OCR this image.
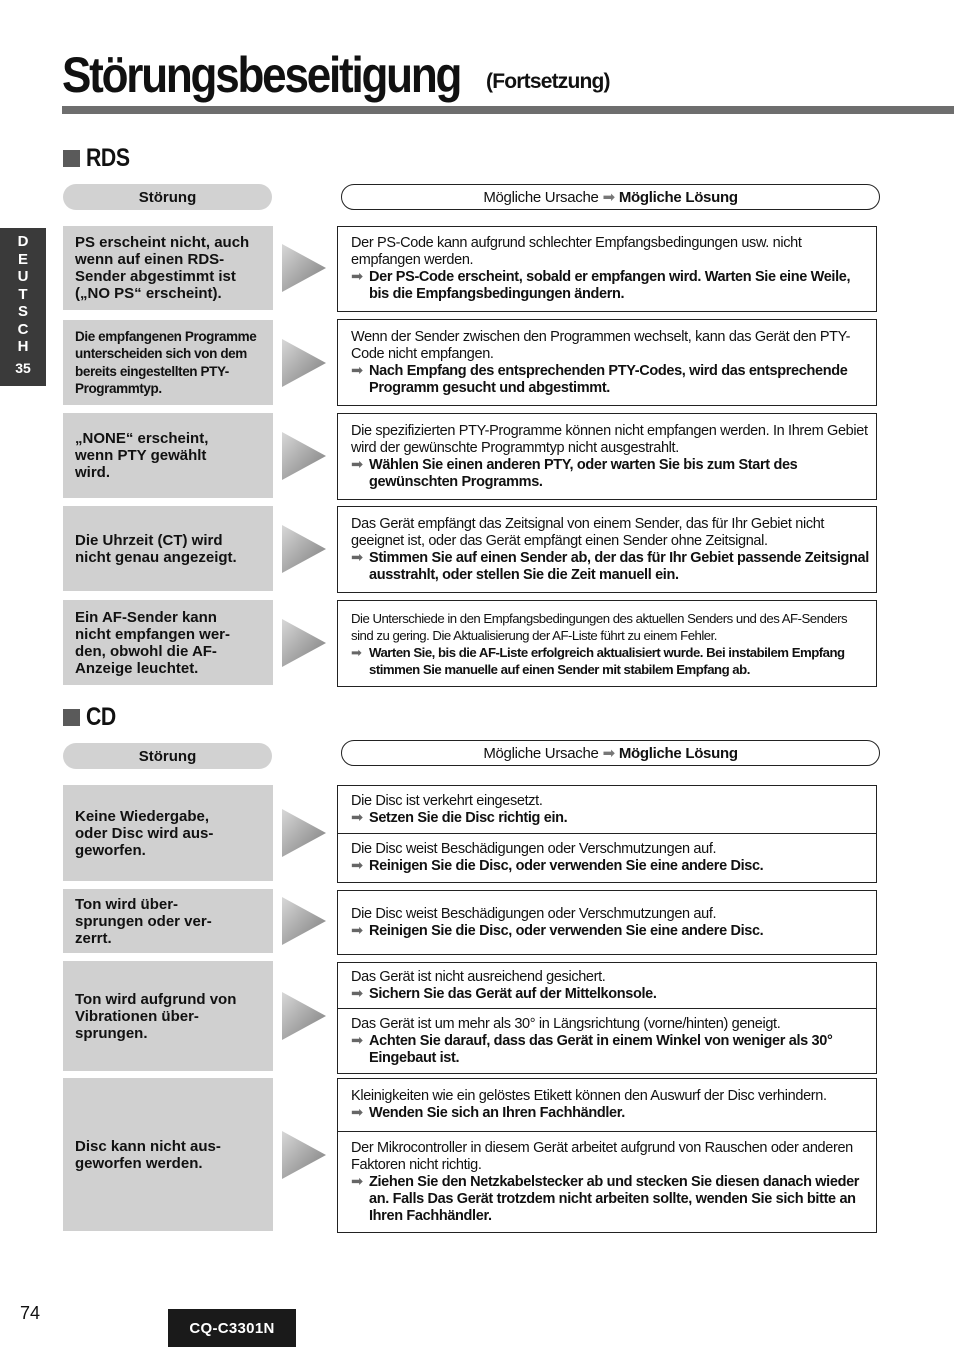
Störungsbeseitigung (Fortsetzung)
D
E
U
T
S
C
H
35
RDS
Störung	Mögliche Ursache ➡ Mögliche Lösung
PS erscheint nicht, auch
wenn auf einen RDS-
Sender abgestimmt ist
(„NO PS“ erscheint).
Der PS-Code kann aufgrund schlechter Empfangsbedingungen usw. nicht empfangen werden.
➡ Der PS-Code erscheint, sobald er empfangen wird. Warten Sie eine Weile, bis die Empfangsbedingungen ändern.
Die empfangenen Programme
unterscheiden sich von dem
bereits eingestellten PTY-
Programmtyp.
Wenn der Sender zwischen den Programmen wechselt, kann das Gerät den PTY-Code nicht empfangen.
➡ Nach Empfang des entsprechenden PTY-Codes, wird das entsprechende Programm gesucht und abgestimmt.
„NONE“ erscheint,
wenn PTY gewählt
wird.
Die spezifizierten PTY-Programme können nicht empfangen werden. In Ihrem Gebiet wird der gewünschte Programmtyp nicht ausgestrahlt.
➡ Wählen Sie einen anderen PTY, oder warten Sie bis zum Start des gewünschten Programms.
Die Uhrzeit (CT) wird
nicht genau angezeigt.
Das Gerät empfängt das Zeitsignal von einem Sender, das für Ihr Gebiet nicht geeignet ist, oder das Gerät empfängt einen Sender ohne Zeitsignal.
➡ Stimmen Sie auf einen Sender ab, der das für Ihr Gebiet passende Zeitsignal ausstrahlt, oder stellen Sie die Zeit manuell ein.
Ein AF-Sender kann
nicht empfangen wer-
den, obwohl die AF-
Anzeige leuchtet.
Die Unterschiede in den Empfangsbedingungen des aktuellen Senders und des AF-Senders sind zu gering. Die Aktualisierung der AF-Liste führt zu einem Fehler.
➡ Warten Sie, bis die AF-Liste erfolgreich aktualisiert wurde. Bei instabilem Empfang stimmen Sie manuelle auf einen Sender mit stabilem Empfang ab.
CD
Störung	Mögliche Ursache ➡ Mögliche Lösung
Keine Wiedergabe,
oder Disc wird aus-
geworfen.
Die Disc ist verkehrt eingesetzt.
➡ Setzen Sie die Disc richtig ein.
Die Disc weist Beschädigungen oder Verschmutzungen auf.
➡ Reinigen Sie die Disc, oder verwenden Sie eine andere Disc.
Ton wird über-
sprungen oder ver-
zerrt.
Die Disc weist Beschädigungen oder Verschmutzungen auf.
➡ Reinigen Sie die Disc, oder verwenden Sie eine andere Disc.
Ton wird aufgrund von
Vibrationen über-
sprungen.
Das Gerät ist nicht ausreichend gesichert.
➡ Sichern Sie das Gerät auf der Mittelkonsole.
Das Gerät ist um mehr als 30° in Längsrichtung (vorne/hinten) geneigt.
➡ Achten Sie darauf, dass das Gerät in einem Winkel von weniger als 30° Eingebaut ist.
Disc kann nicht aus-
geworfen werden.
Kleinigkeiten wie ein gelöstes Etikett können den Auswurf der Disc verhindern.
➡ Wenden Sie sich an Ihren Fachhändler.
Der Mikrocontroller in diesem Gerät arbeitet aufgrund von Rauschen oder anderen Faktoren nicht richtig.
➡ Ziehen Sie den Netzkabelstecker ab und stecken Sie diesen danach wieder an. Falls Das Gerät trotzdem nicht arbeiten sollte, wenden Sie sich bitte an Ihren Fachhändler.
74
CQ-C3301N
